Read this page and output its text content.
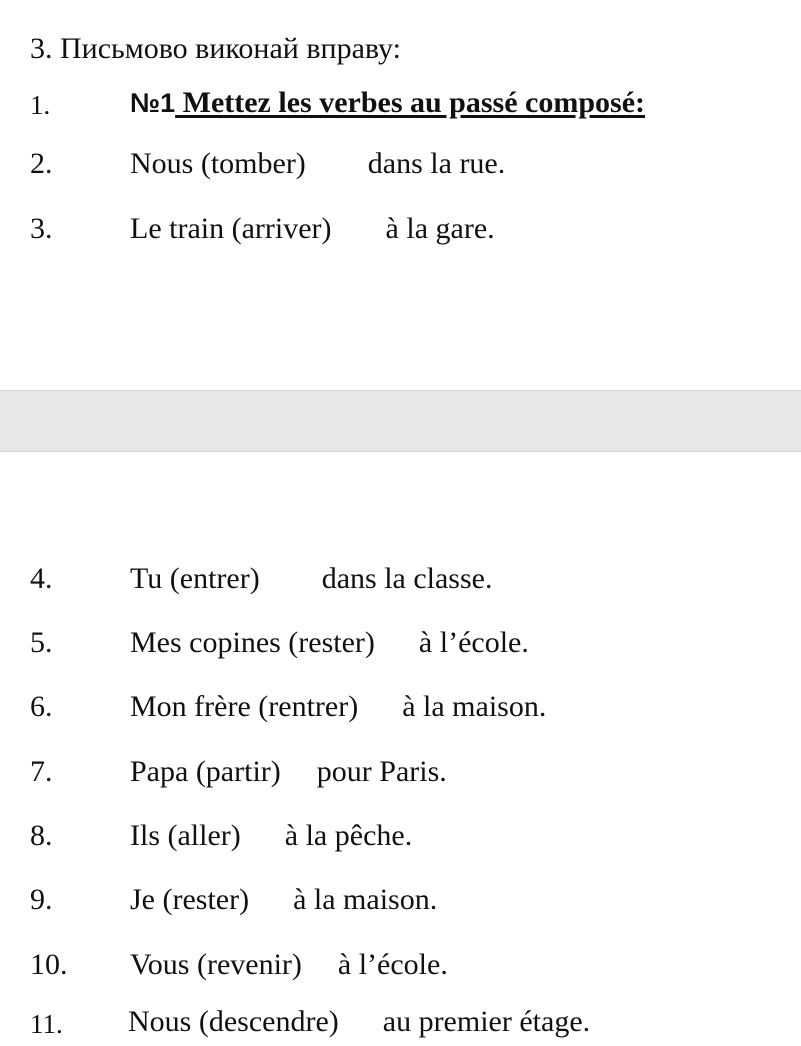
3. Письмово виконай вправу:
1.	№1 Mettez les verbes au passé composé:
2.	Nous (tomber) dans la rue.
3.	Le train (arriver) à la gare.
4.	Tu (entrer) dans la classe.
5.	Mes copines (rester) à l’école.
6.	Mon frère (rentrer) à la maison.
7.	Papa (partir) pour Paris.
8.	Ils (aller) à la pêche.
9.	Je (rester) à la maison.
10. Vous (revenir) à l’école.
11. Nous (descendre) au premier étage.
